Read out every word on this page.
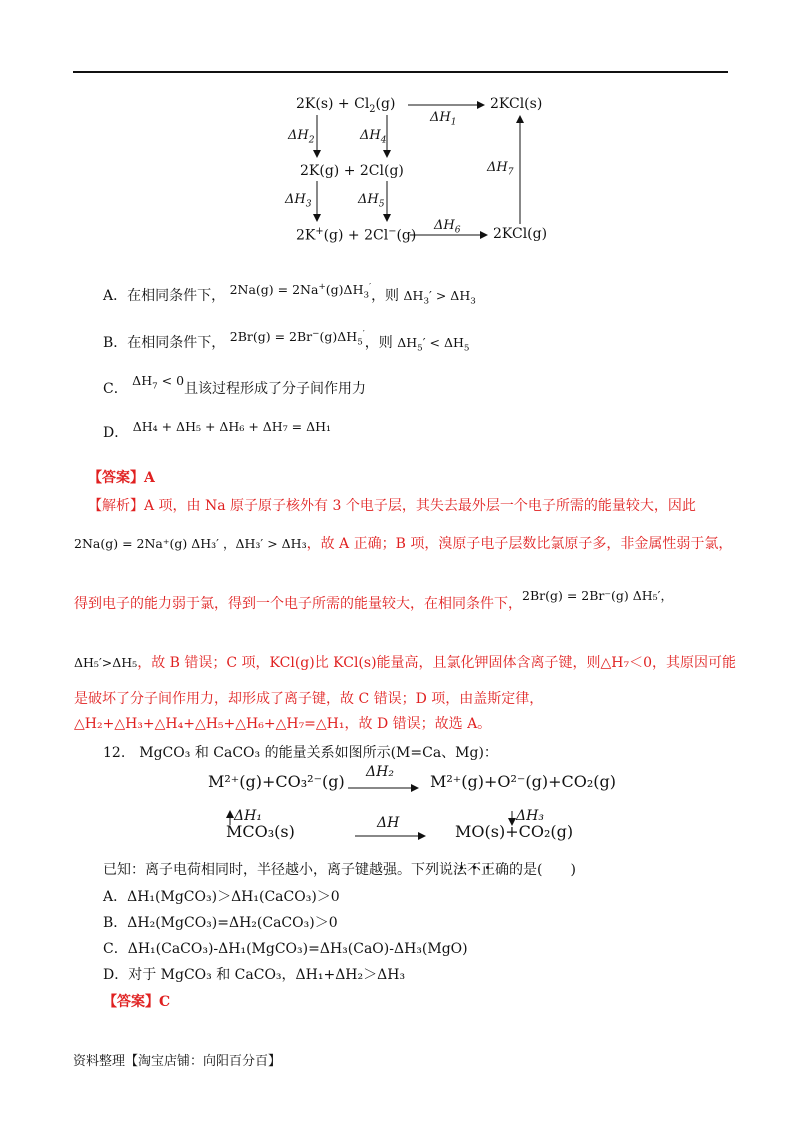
$2K(s) + Cl_2(g)$	2KCl(s)
$\Delta H_1$
$\Delta H_2$	$\Delta H_4$
2K(g) + 2Cl(g)
$\Delta H_3$	$\Delta H_5$
$\Delta H_7$
2K+(g) + 2Cl−(g)
$\Delta H_6$ 2KCl(g)
A．在相同条件下， $2Na(g) = 2Na^+(g)\Delta H_3'$，则 $\Delta H_3' > \Delta H_3$
B．在相同条件下， $2Br(g) = 2Br^-(g)\Delta H_5'$，则 $\Delta H_5' < \Delta H_5$
C． $\Delta H_7 < 0$且该过程形成了分子间作用力
D． ΔH₄ + ΔH₅ + ΔH₆ + ΔH₇ = ΔH₁
【答案】A
【解析】A 项，由 Na 原子原子核外有 3 个电子层，其失去最外层一个电子所需的能量较大，因此
2Na(g) = 2Na⁺(g) ΔH₃′ ，ΔH₃′ > ΔH₃，故 A 正确；B 项，溴原子电子层数比氯原子多，非金属性弱于氯，
得到电子的能力弱于氯，得到一个电子所需的能量较大，在相同条件下，2Br(g) = 2Br⁻(g) ΔH₅′，
ΔH₅′>ΔH₅，故 B 错误；C 项，KCl(g)比 KCl(s)能量高，且氯化钾固体含离子键，则△H₇＜0，其原因可能
是破坏了分子间作用力，却形成了离子键，故 C 错误；D 项，由盖斯定律，
△H₂+△H₃+△H₄+△H₅+△H₆+△H₇=△H₁，故 D 错误；故选 A。
12.　MgCO₃ 和 CaCO₃ 的能量关系如图所示(M=Ca、Mg)：
M²⁺(g)+CO₃²⁻(g) ΔH₂ M²⁺(g)+O²⁻(g)+CO₂(g)
ΔH₁	ΔH₃
MCO₃(s)	ΔH	MO(s)+CO₂(g)
已知：离子电荷相同时，半径越小，离子键越强。下列说法不正确的是(　　)
A．ΔH₁(MgCO₃)＞ΔH₁(CaCO₃)＞0
B．ΔH₂(MgCO₃)=ΔH₂(CaCO₃)＞0
C．ΔH₁(CaCO₃)-ΔH₁(MgCO₃)=ΔH₃(CaO)-ΔH₃(MgO)
D．对于 MgCO₃ 和 CaCO₃，ΔH₁+ΔH₂＞ΔH₃
【答案】C
资料整理【淘宝店铺：向阳百分百】
